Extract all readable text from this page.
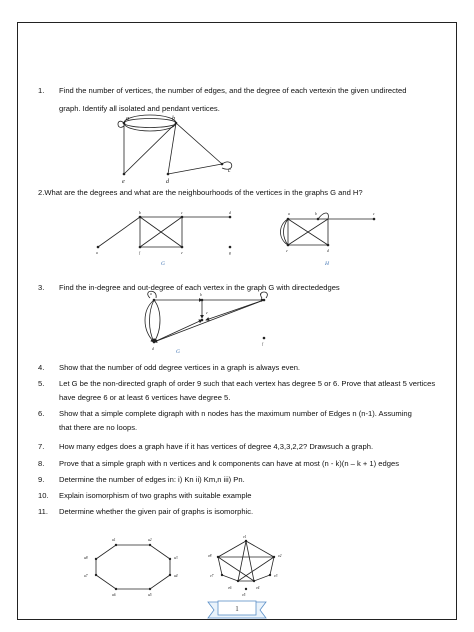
1. Find the number of vertices, the number of edges, and the degree of each vertexin the given undirected
graph. Identify all isolated and pendant vertices.
a	b
c
d
e
2.What are the degrees and what are the neighbourhoods of the vertices in the graphs G and H?
b	c	d
a	f	e	g
G
a	b	c
e	d
H
3. Find the in-degree and out-degree of each vertex in the graph G with directededges
a	b	c
e
d
f
G
4. Show that the number of odd degree vertices in a graph is always even.
5. Let G be the non-directed graph of order 9 such that each vertex has degree 5 or 6. Prove that atleast 5 vertices
have degree 6 or at least 6 vertices have degree 5.
6. Show that a simple complete digraph with n nodes has the maximum number of Edges n (n-1). Assuming
that there are no loops.
7. How many edges does a graph have if it has vertices of degree 4,3,3,2,2? Drawsuch a graph.
8. Prove that a simple graph with n vertices and k components can have at most (n - k)(n – k + 1) edges
9. Determine the number of edges in: i) Kn ii) Km,n iii) Pn.
10. Explain isomorphism of two graphs with suitable example
11. Determine whether the given pair of graphs is isomorphic.
u1	u2
u3
u4
u5
u6
u7
u8
v1
v2
v3
v4
v5
v6
v7
v8
1
